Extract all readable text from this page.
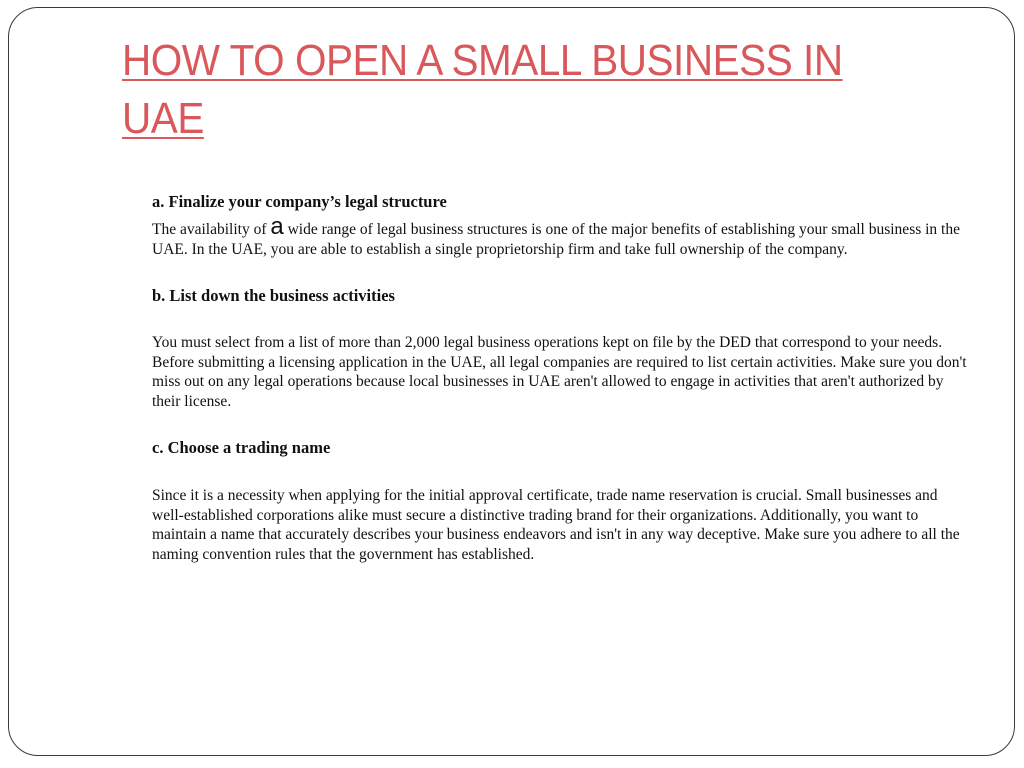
HOW TO OPEN A SMALL BUSINESS IN UAE

a. Finalize your company’s legal structure

The availability of a wide range of legal business structures is one of the major benefits of establishing your small business in the UAE. In the UAE, you are able to establish a single proprietorship firm and take full ownership of the company.

b. List down the business activities

You must select from a list of more than 2,000 legal business operations kept on file by the DED that correspond to your needs. Before submitting a licensing application in the UAE, all legal companies are required to list certain activities. Make sure you don't miss out on any legal operations because local businesses in UAE aren't allowed to engage in activities that aren't authorized by their license.

c. Choose a trading name

Since it is a necessity when applying for the initial approval certificate, trade name reservation is crucial. Small businesses and well-established corporations alike must secure a distinctive trading brand for their organizations. Additionally, you want to maintain a name that accurately describes your business endeavors and isn't in any way deceptive. Make sure you adhere to all the naming convention rules that the government has established.
